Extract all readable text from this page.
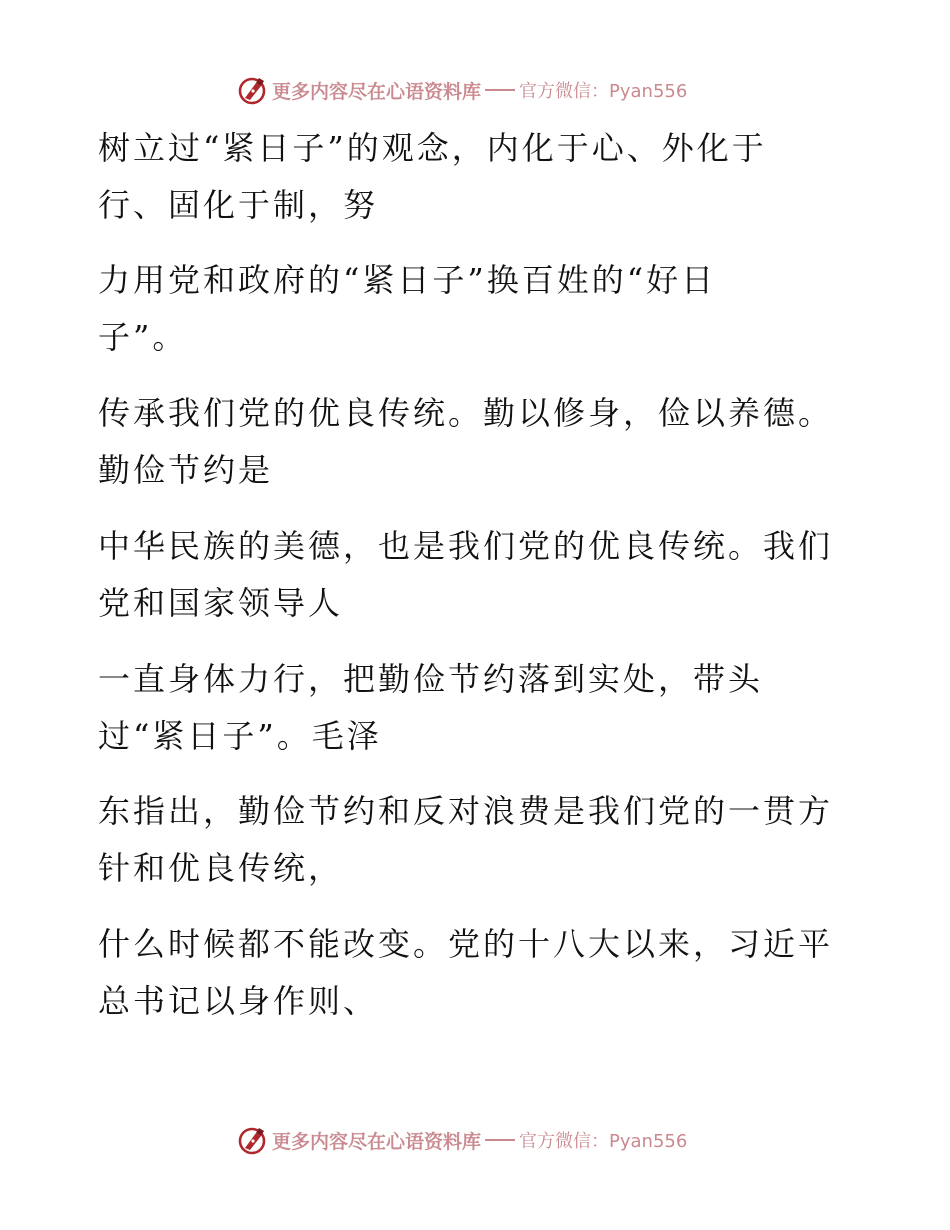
更多内容尽在心语资料库 官方微信：Pyan556
树立过“紧日子”的观念，内化于心、外化于
行、固化于制，努
力用党和政府的“紧日子”换百姓的“好日
子”。
传承我们党的优良传统。勤以修身，俭以养德。
勤俭节约是
中华民族的美德，也是我们党的优良传统。我们
党和国家领导人
一直身体力行，把勤俭节约落到实处，带头
过“紧日子”。毛泽
东指出，勤俭节约和反对浪费是我们党的一贯方
针和优良传统，
什么时候都不能改变。党的十八大以来，习近平
总书记以身作则、
更多内容尽在心语资料库 官方微信：Pyan556
